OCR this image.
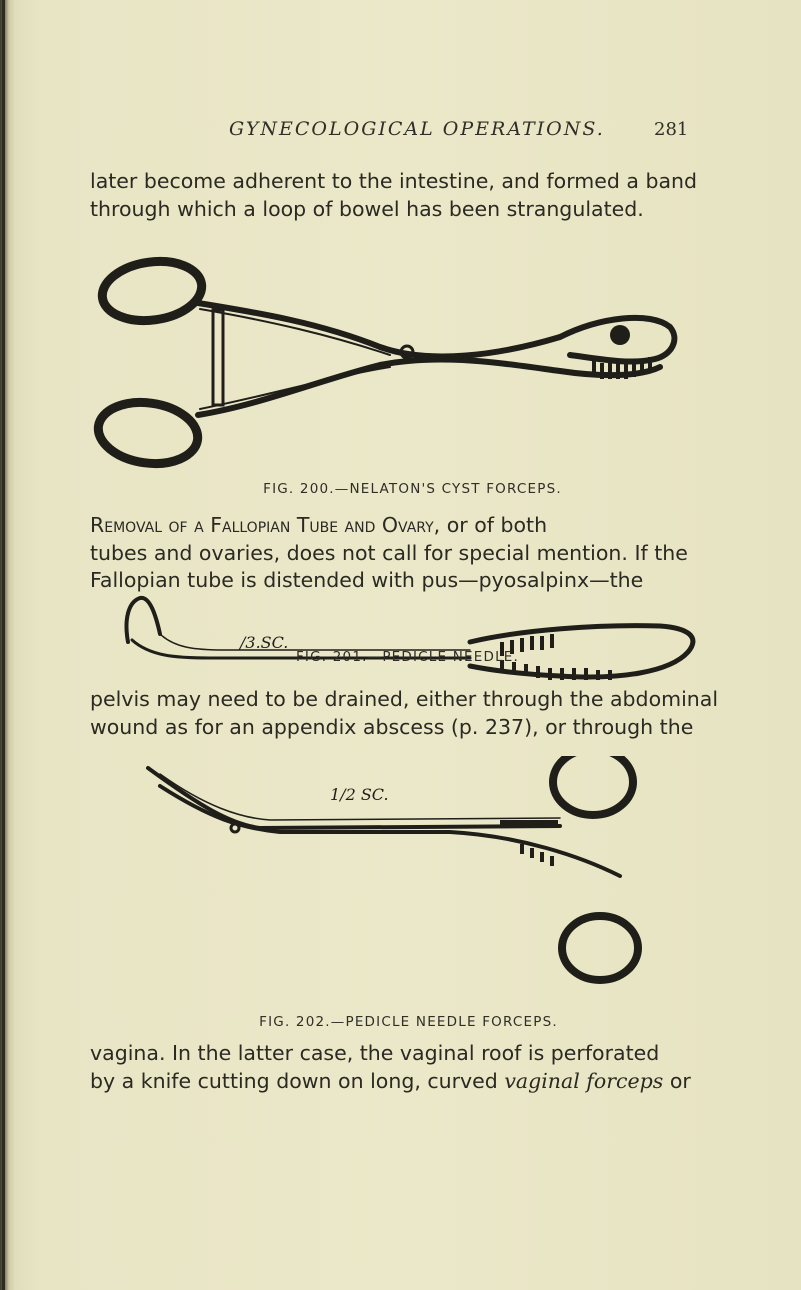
GYNECOLOGICAL OPERATIONS.	281

later become adherent to the intestine, and formed a band
through which a loop of bowel has been strangulated.

FIG. 200.—NELATON'S CYST FORCEPS.

Removal of a Fallopian Tube and Ovary, or of both
tubes and ovaries, does not call for special mention. If the
Fallopian tube is distended with pus—pyosalpinx—the

/3.SC.
FIG. 201.—PEDICLE NEEDLE.

pelvis may need to be drained, either through the abdominal
wound as for an appendix abscess (p. 237), or through the

1/2 SC.
FIG. 202.—PEDICLE NEEDLE FORCEPS.

vagina. In the latter case, the vaginal roof is perforated
by a knife cutting down on long, curved vaginal forceps or
